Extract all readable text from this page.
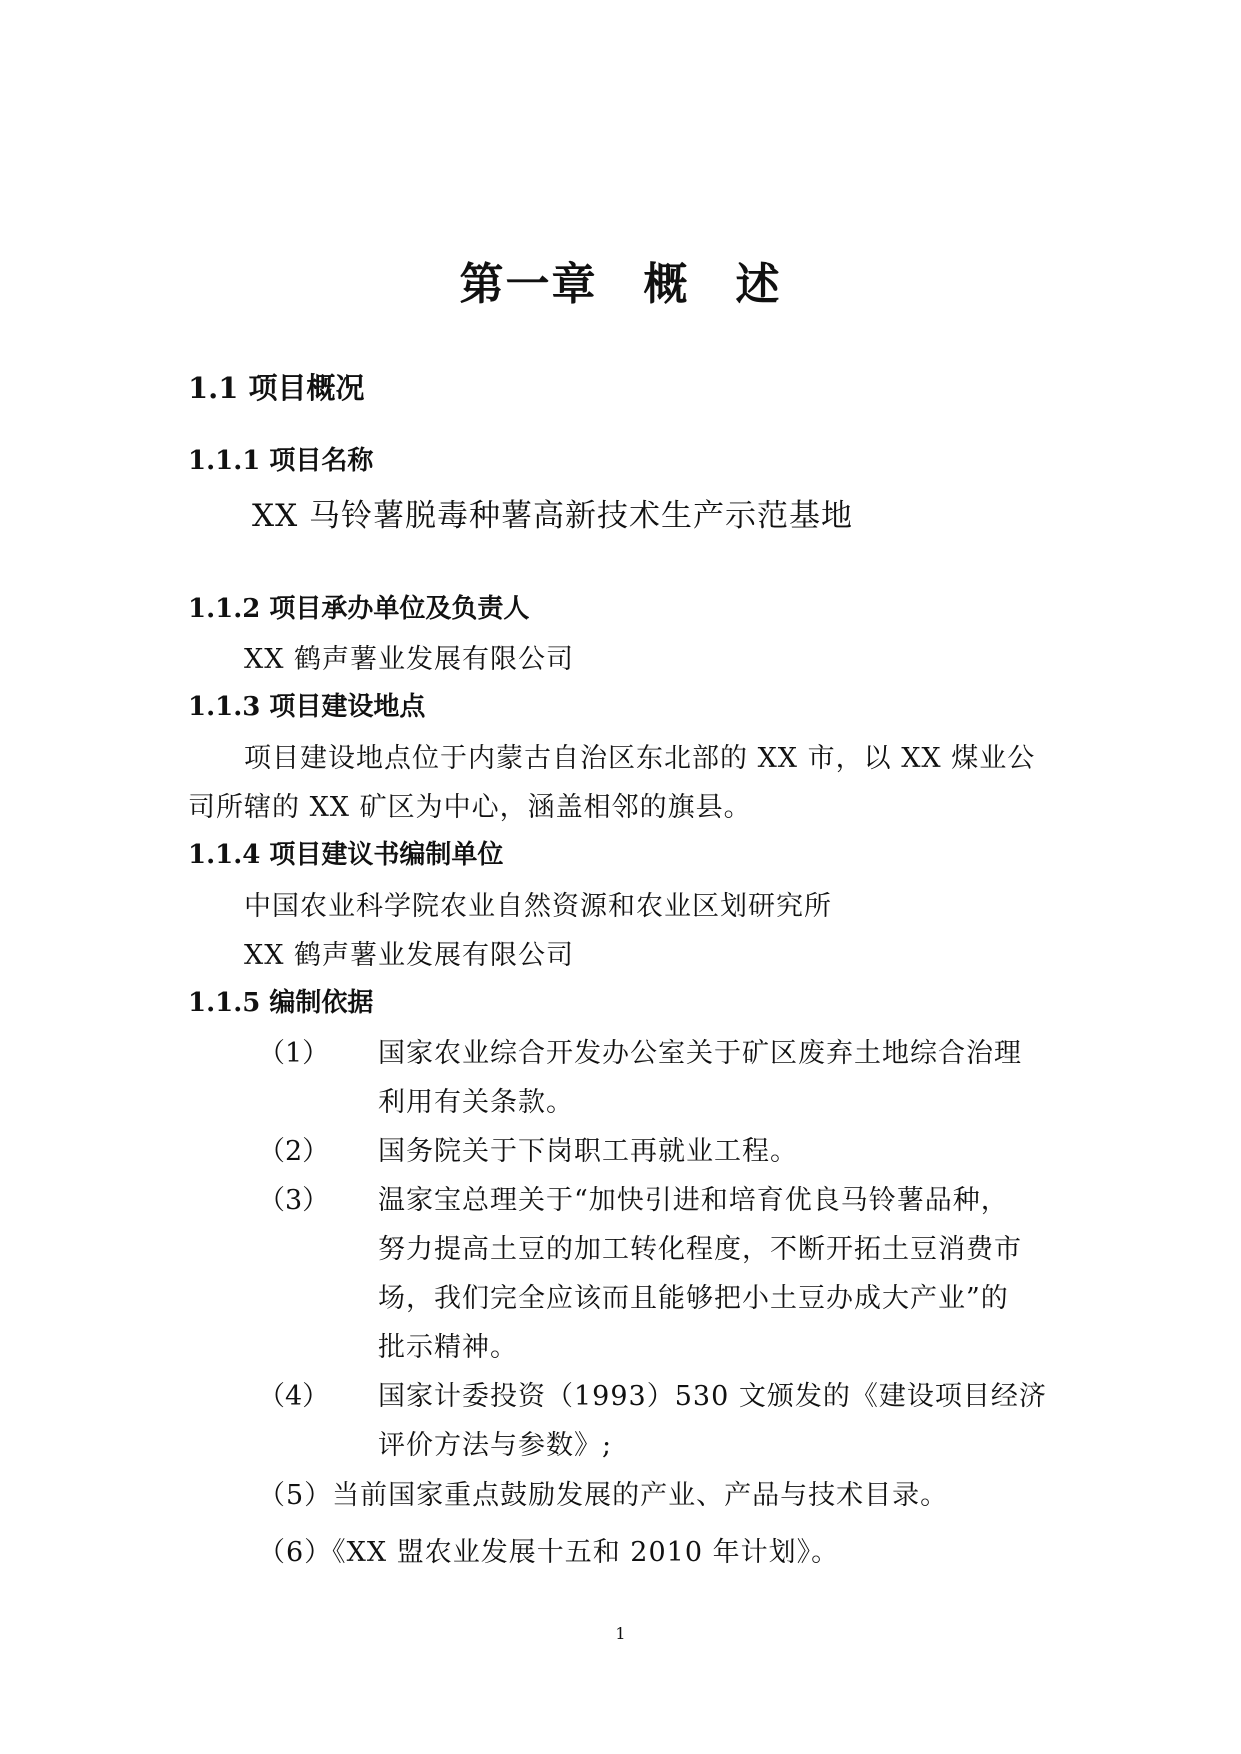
第一章　概　述
1.1 项目概况
1.1.1 项目名称
XX 马铃薯脱毒种薯高新技术生产示范基地
1.1.2 项目承办单位及负责人
XX 鹤声薯业发展有限公司
1.1.3 项目建设地点
项目建设地点位于内蒙古自治区东北部的 XX 市，以 XX 煤业公
司所辖的 XX 矿区为中心，涵盖相邻的旗县。
1.1.4 项目建议书编制单位
中国农业科学院农业自然资源和农业区划研究所
XX 鹤声薯业发展有限公司
1.1.5 编制依据
（1） 国家农业综合开发办公室关于矿区废弃土地综合治理
利用有关条款。
（2） 国务院关于下岗职工再就业工程。
（3） 温家宝总理关于“加快引进和培育优良马铃薯品种，
努力提高土豆的加工转化程度，不断开拓土豆消费市
场，我们完全应该而且能够把小土豆办成大产业”的
批示精神。
（4） 国家计委投资（1993）530 文颁发的《建设项目经济
评价方法与参数》;
（5）当前国家重点鼓励发展的产业、产品与技术目录。
（6）《XX 盟农业发展十五和 2010 年计划》。
1
